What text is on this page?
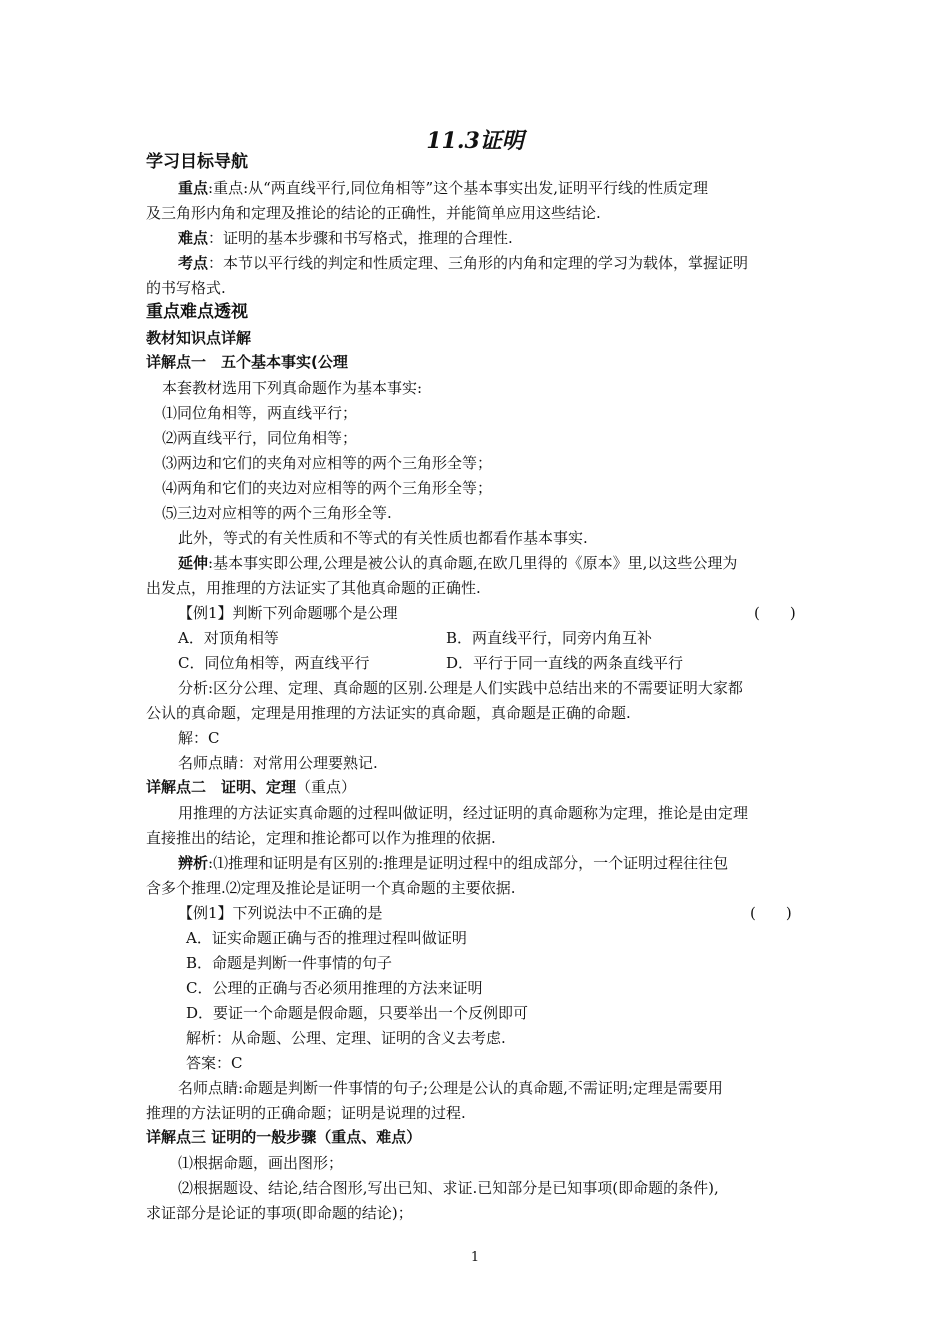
11.3证明
学习目标导航
重点:重点:从“两直线平行,同位角相等”这个基本事实出发,证明平行线的性质定理
及三角形内角和定理及推论的结论的正确性，并能简单应用这些结论.
难点：证明的基本步骤和书写格式，推理的合理性.
考点：本节以平行线的判定和性质定理、三角形的内角和定理的学习为载体，掌握证明
的书写格式.
重点难点透视
教材知识点详解
详解点一　五个基本事实(公理
本套教材选用下列真命题作为基本事实:
⑴同位角相等，两直线平行；
⑵两直线平行，同位角相等；
⑶两边和它们的夹角对应相等的两个三角形全等；
⑷两角和它们的夹边对应相等的两个三角形全等；
⑸三边对应相等的两个三角形全等.
此外，等式的有关性质和不等式的有关性质也都看作基本事实.
延伸:基本事实即公理,公理是被公认的真命题,在欧几里得的《原本》里,以这些公理为
出发点，用推理的方法证实了其他真命题的正确性.
【例1】判断下列命题哪个是公理	(　　)
A．对顶角相等	B．两直线平行，同旁内角互补
C．同位角相等，两直线平行	D．平行于同一直线的两条直线平行
分析:区分公理、定理、真命题的区别.公理是人们实践中总结出来的不需要证明大家都
公认的真命题，定理是用推理的方法证实的真命题，真命题是正确的命题.
解：C
名师点睛：对常用公理要熟记.
详解点二　证明、定理（重点）
用推理的方法证实真命题的过程叫做证明，经过证明的真命题称为定理，推论是由定理
直接推出的结论，定理和推论都可以作为推理的依据.
辨析:⑴推理和证明是有区别的:推理是证明过程中的组成部分，一个证明过程往往包
含多个推理.⑵定理及推论是证明一个真命题的主要依据.
【例1】下列说法中不正确的是	(　　)
A．证实命题正确与否的推理过程叫做证明
B．命题是判断一件事情的句子
C．公理的正确与否必须用推理的方法来证明
D．要证一个命题是假命题，只要举出一个反例即可
解析：从命题、公理、定理、证明的含义去考虑.
答案：C
名师点睛:命题是判断一件事情的句子;公理是公认的真命题,不需证明;定理是需要用
推理的方法证明的正确命题；证明是说理的过程.
详解点三 证明的一般步骤（重点、难点）
⑴根据命题，画出图形；
⑵根据题设、结论,结合图形,写出已知、求证.已知部分是已知事项(即命题的条件),
求证部分是论证的事项(即命题的结论)；
1
